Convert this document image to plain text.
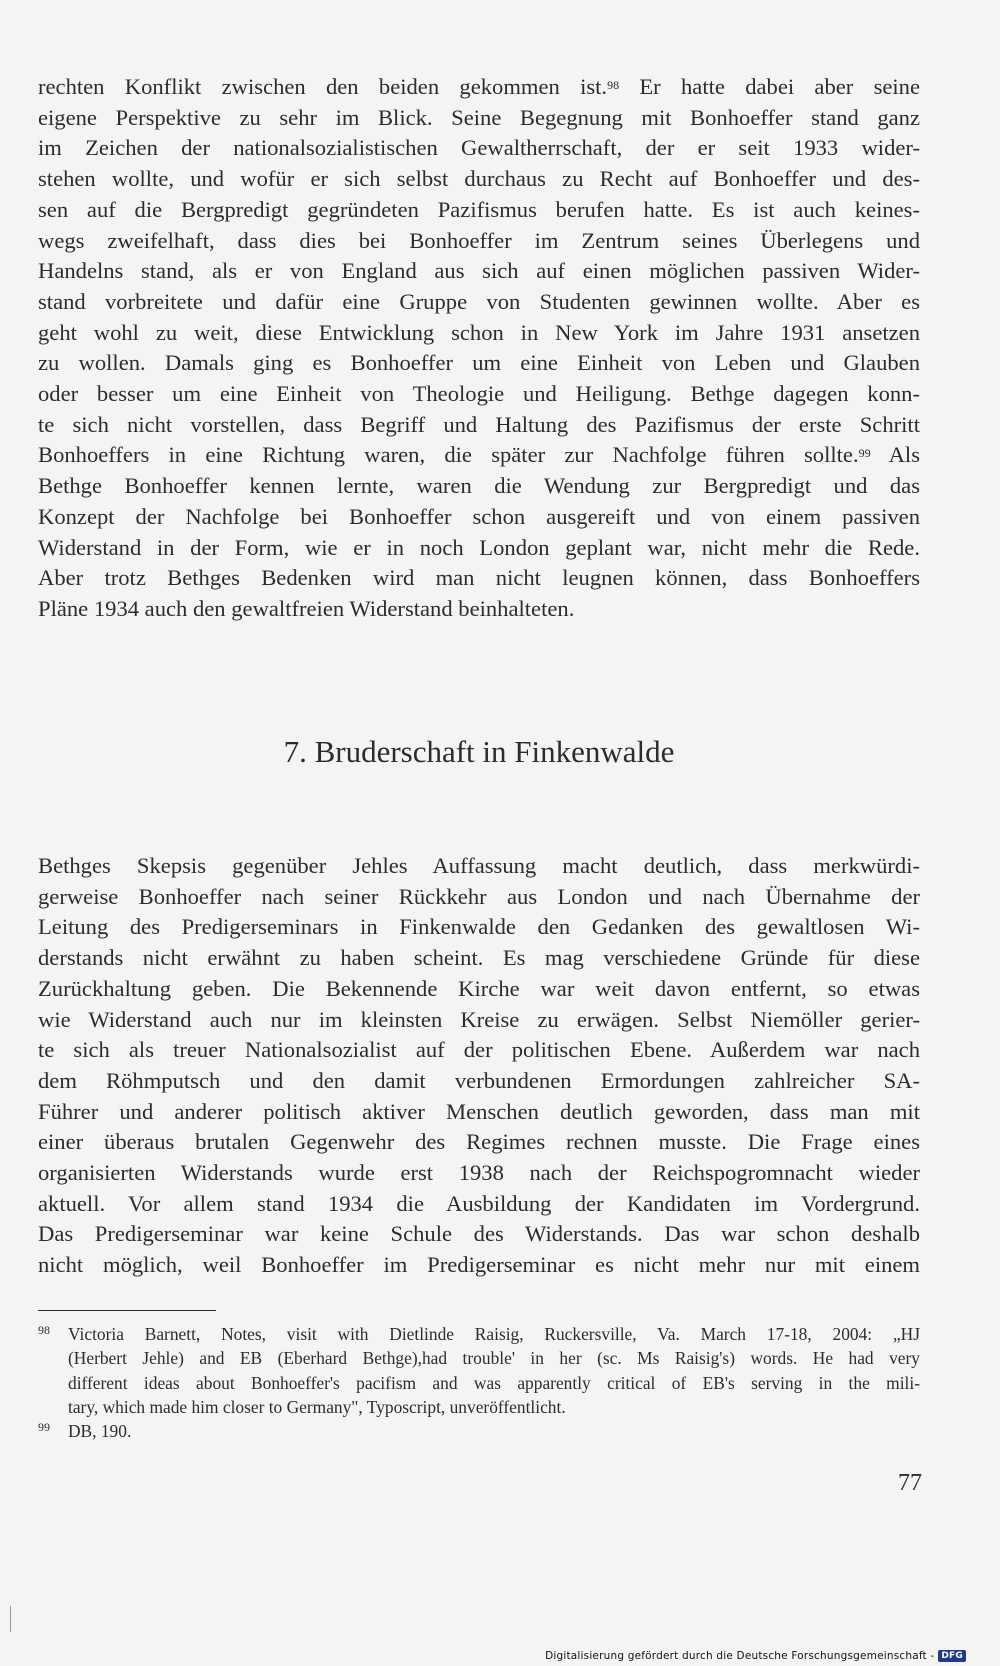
rechten Konflikt zwischen den beiden gekommen ist.$^{98}$ Er hatte dabei aber seine
eigene Perspektive zu sehr im Blick. Seine Begegnung mit Bonhoeffer stand ganz
im Zeichen der nationalsozialistischen Gewaltherrschaft, der er seit 1933 wider-
stehen wollte, und wofür er sich selbst durchaus zu Recht auf Bonhoeffer und des-
sen auf die Bergpredigt gegründeten Pazifismus berufen hatte. Es ist auch keines-
wegs zweifelhaft, dass dies bei Bonhoeffer im Zentrum seines Überlegens und
Handelns stand, als er von England aus sich auf einen möglichen passiven Wider-
stand vorbreitete und dafür eine Gruppe von Studenten gewinnen wollte. Aber es
geht wohl zu weit, diese Entwicklung schon in New York im Jahre 1931 ansetzen
zu wollen. Damals ging es Bonhoeffer um eine Einheit von Leben und Glauben
oder besser um eine Einheit von Theologie und Heiligung. Bethge dagegen konn-
te sich nicht vorstellen, dass Begriff und Haltung des Pazifismus der erste Schritt
Bonhoeffers in eine Richtung waren, die später zur Nachfolge führen sollte.$^{99}$ Als
Bethge Bonhoeffer kennen lernte, waren die Wendung zur Bergpredigt und das
Konzept der Nachfolge bei Bonhoeffer schon ausgereift und von einem passiven
Widerstand in der Form, wie er in noch London geplant war, nicht mehr die Rede.
Aber trotz Bethges Bedenken wird man nicht leugnen können, dass Bonhoeffers
Pläne 1934 auch den gewaltfreien Widerstand beinhalteten.
7. Bruderschaft in Finkenwalde
Bethges Skepsis gegenüber Jehles Auffassung macht deutlich, dass merkwürdi-
gerweise Bonhoeffer nach seiner Rückkehr aus London und nach Übernahme der
Leitung des Predigerseminars in Finkenwalde den Gedanken des gewaltlosen Wi-
derstands nicht erwähnt zu haben scheint. Es mag verschiedene Gründe für diese
Zurückhaltung geben. Die Bekennende Kirche war weit davon entfernt, so etwas
wie Widerstand auch nur im kleinsten Kreise zu erwägen. Selbst Niemöller gerier-
te sich als treuer Nationalsozialist auf der politischen Ebene. Außerdem war nach
dem Röhmputsch und den damit verbundenen Ermordungen zahlreicher SA-
Führer und anderer politisch aktiver Menschen deutlich geworden, dass man mit
einer überaus brutalen Gegenwehr des Regimes rechnen musste. Die Frage eines
organisierten Widerstands wurde erst 1938 nach der Reichspogromnacht wieder
aktuell. Vor allem stand 1934 die Ausbildung der Kandidaten im Vordergrund.
Das Predigerseminar war keine Schule des Widerstands. Das war schon deshalb
nicht möglich, weil Bonhoeffer im Predigerseminar es nicht mehr nur mit einem
98 Victoria Barnett, Notes, visit with Dietlinde Raisig, Ruckersville, Va. March 17-18, 2004: „HJ
(Herbert Jehle) and EB (Eberhard Bethge),had trouble' in her (sc. Ms Raisig's) words. He had very
different ideas about Bonhoeffer's pacifism and was apparently critical of EB's serving in the mili-
tary, which made him closer to Germany", Typoscript, unveröffentlicht.
99 DB, 190.
77
Digitalisierung gefördert durch die Deutsche Forschungsgemeinschaft - DFG
